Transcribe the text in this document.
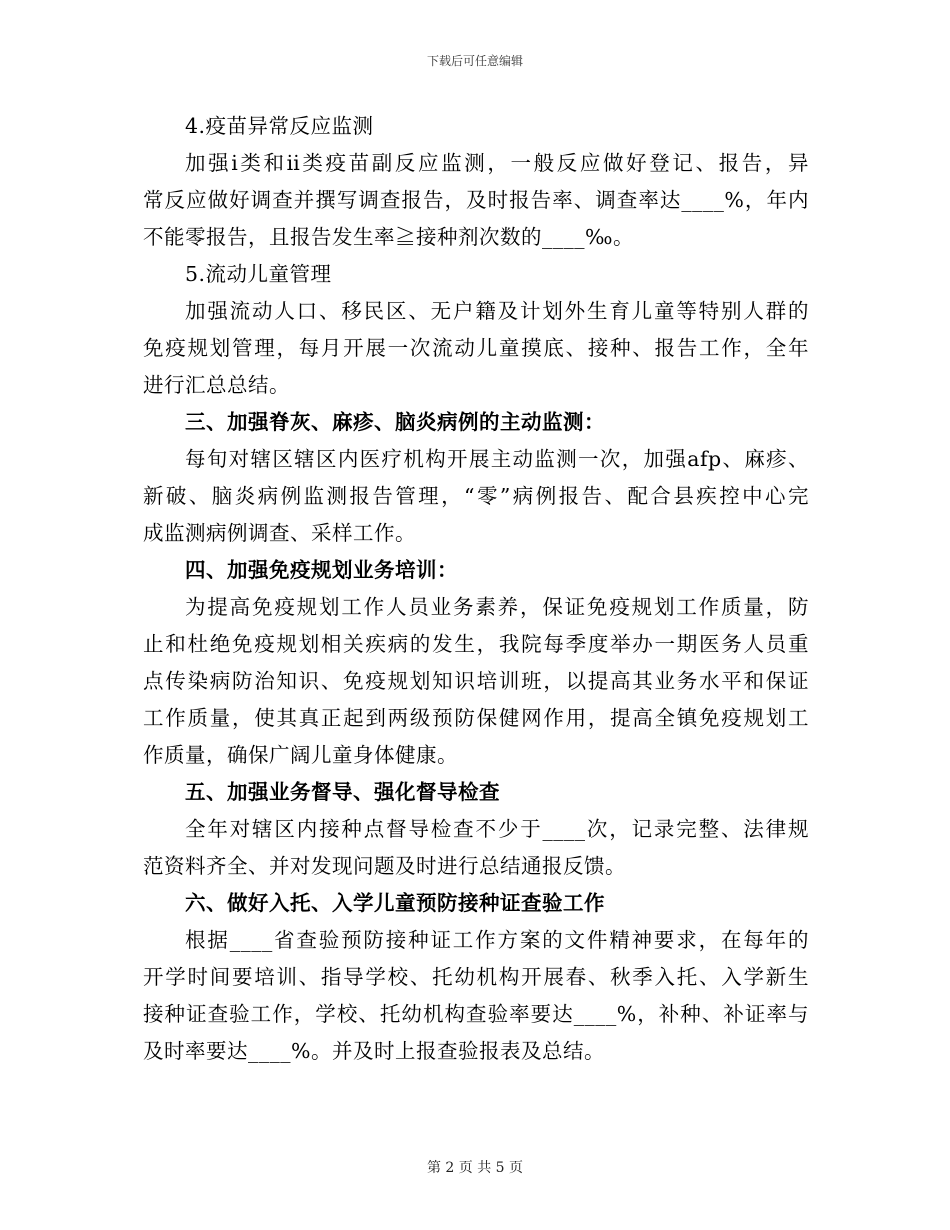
下载后可任意编辑
4.疫苗异常反应监测
加强ⅰ类和ⅱ类疫苗副反应监测，一般反应做好登记、报告，异
常反应做好调查并撰写调查报告，及时报告率、调查率达____%，年内
不能零报告，且报告发生率≧接种剂次数的____‰。
5.流动儿童管理
加强流动人口、移民区、无户籍及计划外生育儿童等特别人群的
免疫规划管理，每月开展一次流动儿童摸底、接种、报告工作，全年
进行汇总总结。
三、加强脊灰、麻疹、脑炎病例的主动监测：
每旬对辖区辖区内医疗机构开展主动监测一次，加强afp、麻疹、
新破、脑炎病例监测报告管理，“零”病例报告、配合县疾控中心完
成监测病例调查、采样工作。
四、加强免疫规划业务培训：
为提高免疫规划工作人员业务素养，保证免疫规划工作质量，防
止和杜绝免疫规划相关疾病的发生，我院每季度举办一期医务人员重
点传染病防治知识、免疫规划知识培训班，以提高其业务水平和保证
工作质量，使其真正起到两级预防保健网作用，提高全镇免疫规划工
作质量，确保广阔儿童身体健康。
五、加强业务督导、强化督导检查
全年对辖区内接种点督导检查不少于____次，记录完整、法律规
范资料齐全、并对发现问题及时进行总结通报反馈。
六、做好入托、入学儿童预防接种证查验工作
根据____省查验预防接种证工作方案的文件精神要求，在每年的
开学时间要培训、指导学校、托幼机构开展春、秋季入托、入学新生
接种证查验工作，学校、托幼机构查验率要达____%，补种、补证率与
及时率要达____%。并及时上报查验报表及总结。
第 2 页 共 5 页
